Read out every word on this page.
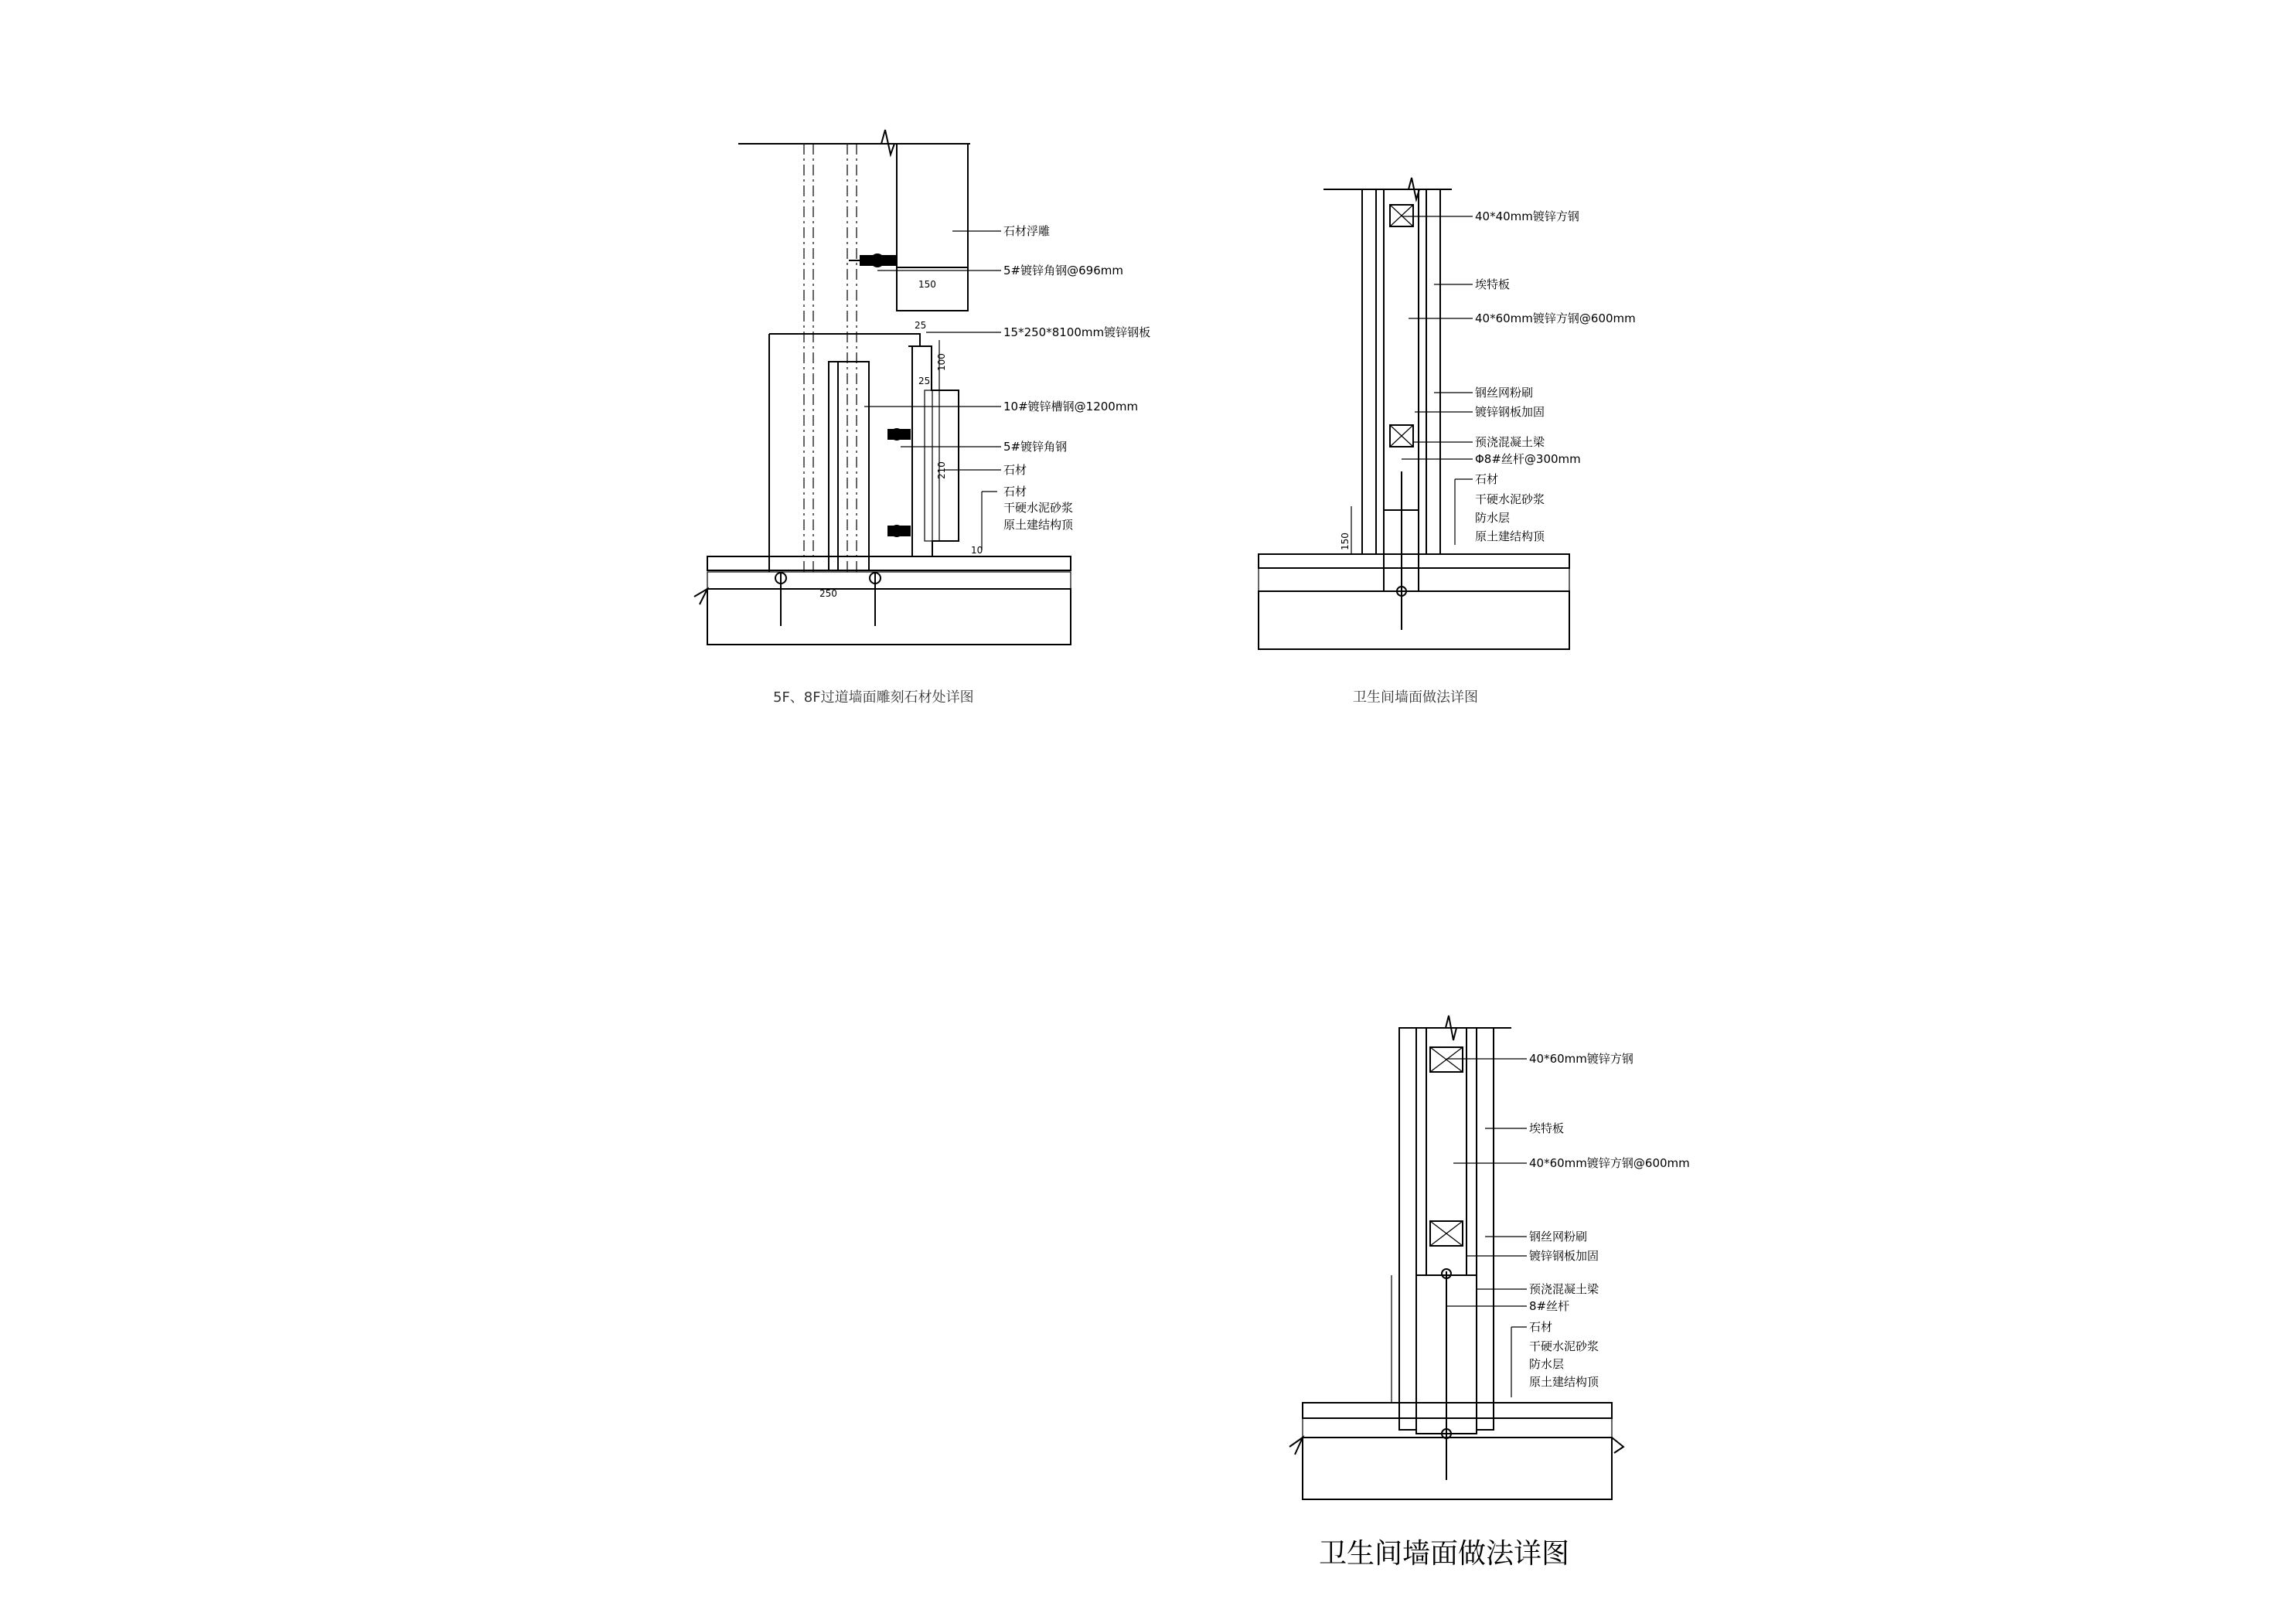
150
25
100
25
210
10
250
石材浮雕
5#镀锌角钢@696mm
15*250*8100mm镀锌钢板
10#镀锌槽钢@1200mm
5#镀锌角钢
石材
石材
干硬水泥砂浆
原土建结构顶
5F、8F过道墙面雕刻石材处详图
150
40*40mm镀锌方钢
埃特板
40*60mm镀锌方钢@600mm
钢丝网粉刷
镀锌钢板加固
预浇混凝土梁
Φ8#丝杆@300mm
石材
干硬水泥砂浆
防水层
原土建结构顶
卫生间墙面做法详图
40*60mm镀锌方钢
埃特板
40*60mm镀锌方钢@600mm
钢丝网粉刷
镀锌钢板加固
预浇混凝土梁
8#丝杆
石材
干硬水泥砂浆
防水层
原土建结构顶
卫生间墙面做法详图
